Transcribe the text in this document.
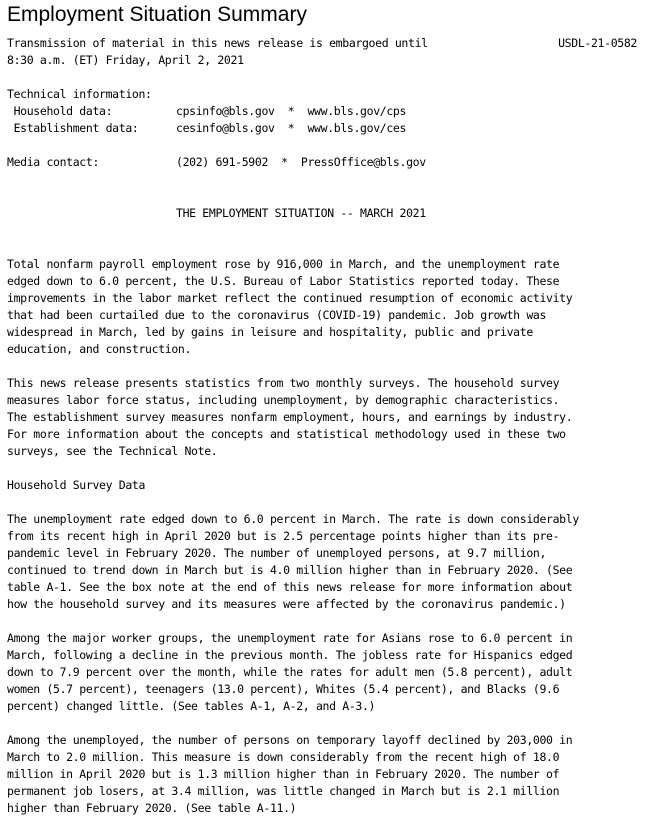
Employment Situation Summary
Transmission of material in this news release is embargoed until	USDL-21-0582
8:30 a.m. (ET) Friday, April 2, 2021
Technical information:
Household data:	cpsinfo@bls.gov  *  www.bls.gov/cps
Establishment data:	cesinfo@bls.gov  *  www.bls.gov/ces
Media contact:	(202) 691-5902  *  PressOffice@bls.gov
THE EMPLOYMENT SITUATION -- MARCH 2021
Total nonfarm payroll employment rose by 916,000 in March, and the unemployment rate
edged down to 6.0 percent, the U.S. Bureau of Labor Statistics reported today. These
improvements in the labor market reflect the continued resumption of economic activity
that had been curtailed due to the coronavirus (COVID-19) pandemic. Job growth was
widespread in March, led by gains in leisure and hospitality, public and private
education, and construction.
This news release presents statistics from two monthly surveys. The household survey
measures labor force status, including unemployment, by demographic characteristics.
The establishment survey measures nonfarm employment, hours, and earnings by industry.
For more information about the concepts and statistical methodology used in these two
surveys, see the Technical Note.
Household Survey Data
The unemployment rate edged down to 6.0 percent in March. The rate is down considerably
from its recent high in April 2020 but is 2.5 percentage points higher than its pre-
pandemic level in February 2020. The number of unemployed persons, at 9.7 million,
continued to trend down in March but is 4.0 million higher than in February 2020. (See
table A-1. See the box note at the end of this news release for more information about
how the household survey and its measures were affected by the coronavirus pandemic.)
Among the major worker groups, the unemployment rate for Asians rose to 6.0 percent in
March, following a decline in the previous month. The jobless rate for Hispanics edged
down to 7.9 percent over the month, while the rates for adult men (5.8 percent), adult
women (5.7 percent), teenagers (13.0 percent), Whites (5.4 percent), and Blacks (9.6
percent) changed little. (See tables A-1, A-2, and A-3.)
Among the unemployed, the number of persons on temporary layoff declined by 203,000 in
March to 2.0 million. This measure is down considerably from the recent high of 18.0
million in April 2020 but is 1.3 million higher than in February 2020. The number of
permanent job losers, at 3.4 million, was little changed in March but is 2.1 million
higher than February 2020. (See table A-11.)
